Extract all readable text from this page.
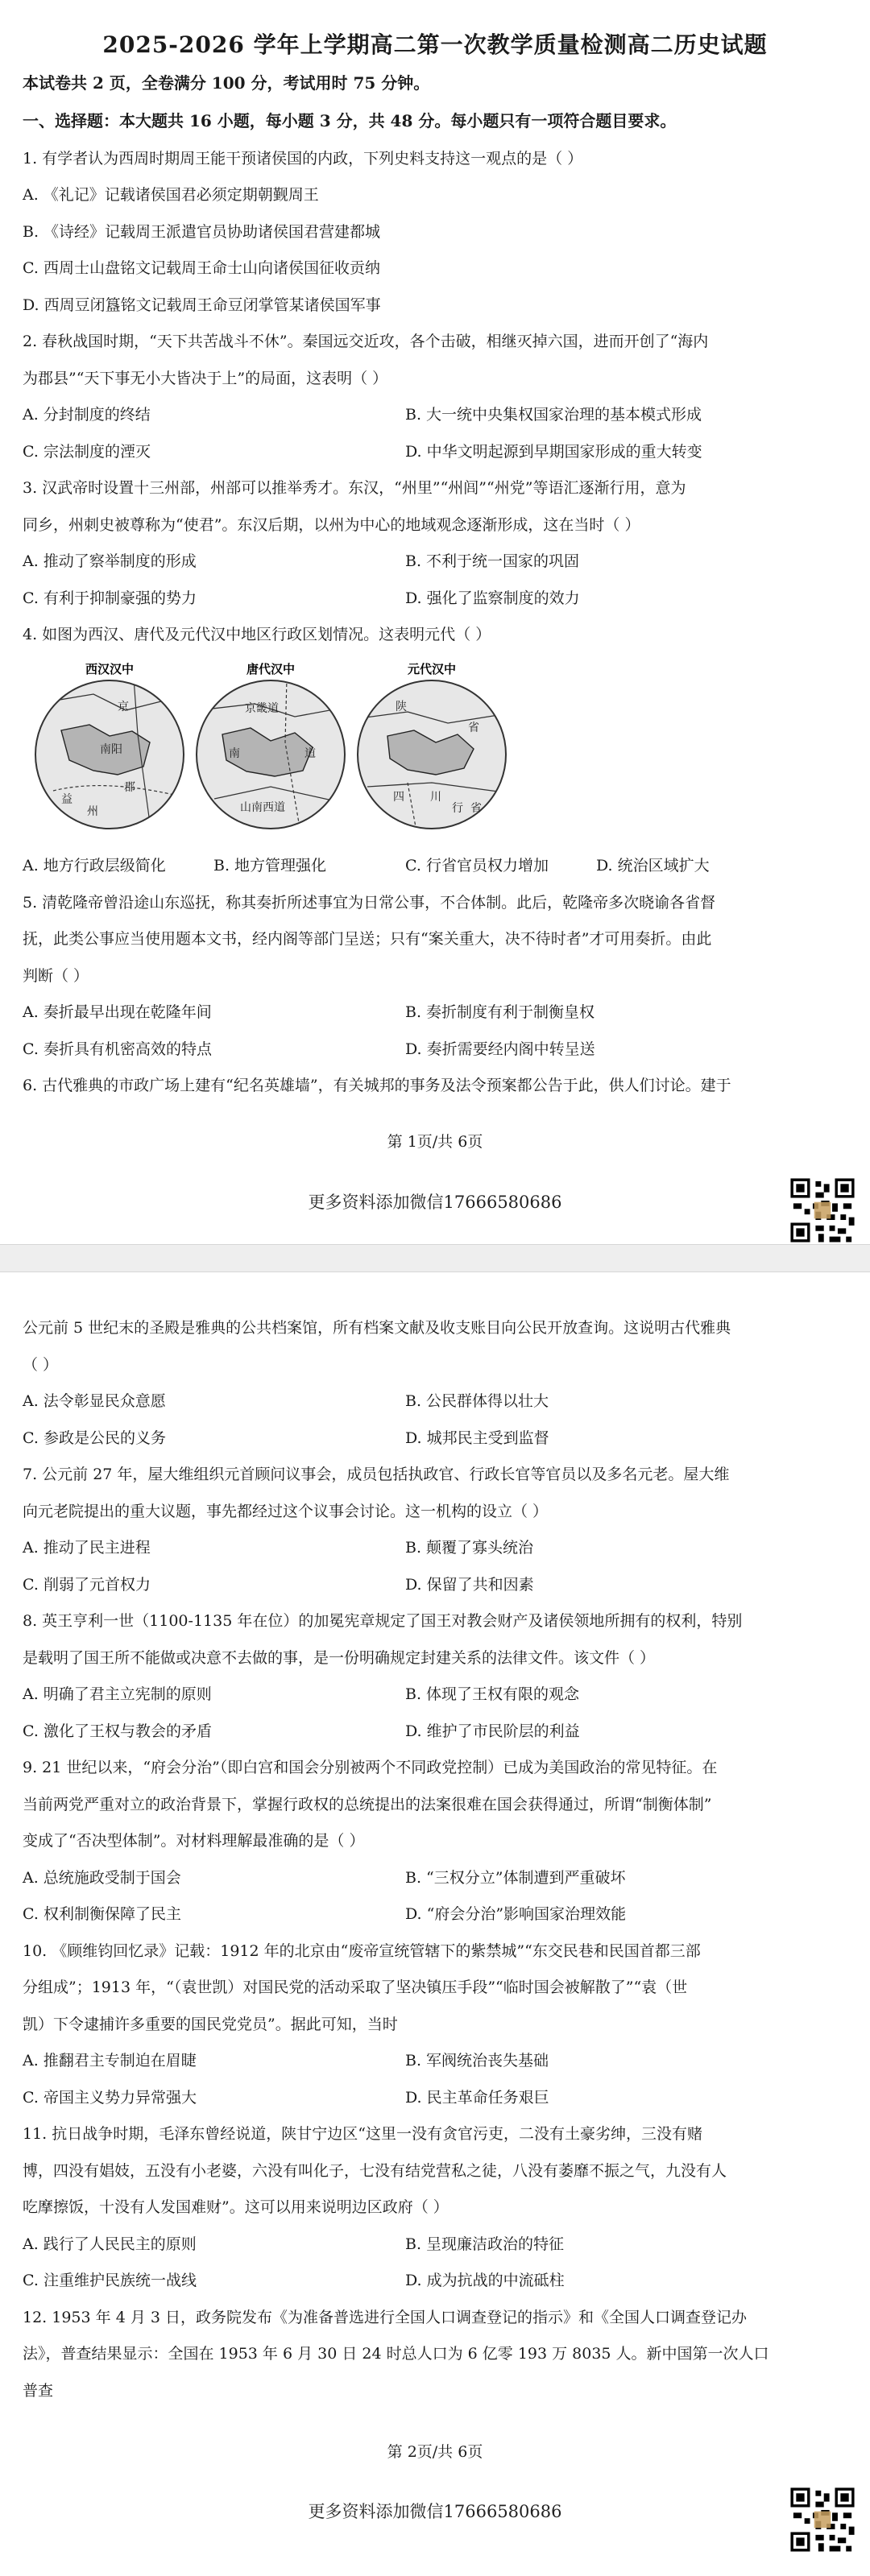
2025-2026 学年上学期高二第一次教学质量检测高二历史试题
本试卷共 2 页，全卷满分 100 分，考试用时 75 分钟。
一、选择题：本大题共 16 小题，每小题 3 分，共 48 分。每小题只有一项符合题目要求。
1. 有学者认为西周时期周王能干预诸侯国的内政，下列史料支持这一观点的是（ ）
A. 《礼记》记载诸侯国君必须定期朝觐周王
B. 《诗经》记载周王派遣官员协助诸侯国君营建都城
C. 西周士山盘铭文记载周王命士山向诸侯国征收贡纳
D. 西周豆闭簋铭文记载周王命豆闭掌管某诸侯国军事
2. 春秋战国时期，“天下共苦战斗不休”。秦国远交近攻，各个击破，相继灭掉六国，进而开创了“海内
为郡县”“天下事无小大皆决于上”的局面，这表明（ ）
A. 分封制度的终结	B. 大一统中央集权国家治理的基本模式形成
C. 宗法制度的湮灭	D. 中华文明起源到早期国家形成的重大转变
3. 汉武帝时设置十三州部，州部可以推举秀才。东汉，“州里”“州闾”“州党”等语汇逐渐行用，意为
同乡，州刺史被尊称为“使君”。东汉后期，以州为中心的地域观念逐渐形成，这在当时（ ）
A. 推动了察举制度的形成	B. 不利于统一国家的巩固
C. 有利于抑制豪强的势力	D. 强化了监察制度的效力
4. 如图为西汉、唐代及元代汉中地区行政区划情况。这表明元代（ ）
西汉汉中
京
南阳
郡
益
州
唐代汉中
京畿道
南	道
山南西道
元代汉中
陕
省
四 川
行 省
A. 地方行政层级简化	B. 地方管理强化	C. 行省官员权力增加	D. 统治区域扩大
5. 清乾隆帝曾沿途山东巡抚，称其奏折所述事宜为日常公事，不合体制。此后，乾隆帝多次晓谕各省督
抚，此类公事应当使用题本文书，经内阁等部门呈送；只有“案关重大，决不待时者”才可用奏折。由此
判断（ ）
A. 奏折最早出现在乾隆年间	B. 奏折制度有利于制衡皇权
C. 奏折具有机密高效的特点	D. 奏折需要经内阁中转呈送
6. 古代雅典的市政广场上建有“纪名英雄墙”，有关城邦的事务及法令预案都公告于此，供人们讨论。建于
第 1页/共 6页
更多资料添加微信17666580686
公元前 5 世纪末的圣殿是雅典的公共档案馆，所有档案文献及收支账目向公民开放查询。这说明古代雅典
（ ）
A. 法令彰显民众意愿	B. 公民群体得以壮大
C. 参政是公民的义务	D. 城邦民主受到监督
7. 公元前 27 年，屋大维组织元首顾问议事会，成员包括执政官、行政长官等官员以及多名元老。屋大维
向元老院提出的重大议题，事先都经过这个议事会讨论。这一机构的设立（ ）
A. 推动了民主进程	B. 颠覆了寡头统治
C. 削弱了元首权力	D. 保留了共和因素
8. 英王亨利一世（1100-1135 年在位）的加冕宪章规定了国王对教会财产及诸侯领地所拥有的权利，特别
是载明了国王所不能做或决意不去做的事，是一份明确规定封建关系的法律文件。该文件（ ）
A. 明确了君主立宪制的原则	B. 体现了王权有限的观念
C. 激化了王权与教会的矛盾	D. 维护了市民阶层的利益
9. 21 世纪以来，“府会分治”（即白宫和国会分别被两个不同政党控制）已成为美国政治的常见特征。在
当前两党严重对立的政治背景下，掌握行政权的总统提出的法案很难在国会获得通过，所谓“制衡体制”
变成了“否决型体制”。对材料理解最准确的是（ ）
A. 总统施政受制于国会	B. “三权分立”体制遭到严重破坏
C. 权利制衡保障了民主	D. “府会分治”影响国家治理效能
10. 《顾维钧回忆录》记载：1912 年的北京由“废帝宣统管辖下的紫禁城”“东交民巷和民国首都三部
分组成”；1913 年，“（袁世凯）对国民党的活动采取了坚决镇压手段”“临时国会被解散了”“袁（世
凯）下令逮捕许多重要的国民党党员”。据此可知，当时
A. 推翻君主专制迫在眉睫	B. 军阀统治丧失基础
C. 帝国主义势力异常强大	D. 民主革命任务艰巨
11. 抗日战争时期，毛泽东曾经说道，陕甘宁边区“这里一没有贪官污吏，二没有土豪劣绅，三没有赌
博，四没有娼妓，五没有小老婆，六没有叫化子，七没有结党营私之徒，八没有萎靡不振之气，九没有人
吃摩擦饭，十没有人发国难财”。这可以用来说明边区政府（ ）
A. 践行了人民民主的原则	B. 呈现廉洁政治的特征
C. 注重维护民族统一战线	D. 成为抗战的中流砥柱
12. 1953 年 4 月 3 日，政务院发布《为准备普选进行全国人口调查登记的指示》和《全国人口调查登记办
法》，普查结果显示：全国在 1953 年 6 月 30 日 24 时总人口为 6 亿零 193 万 8035 人。新中国第一次人口
普查
第 2页/共 6页
更多资料添加微信17666580686
